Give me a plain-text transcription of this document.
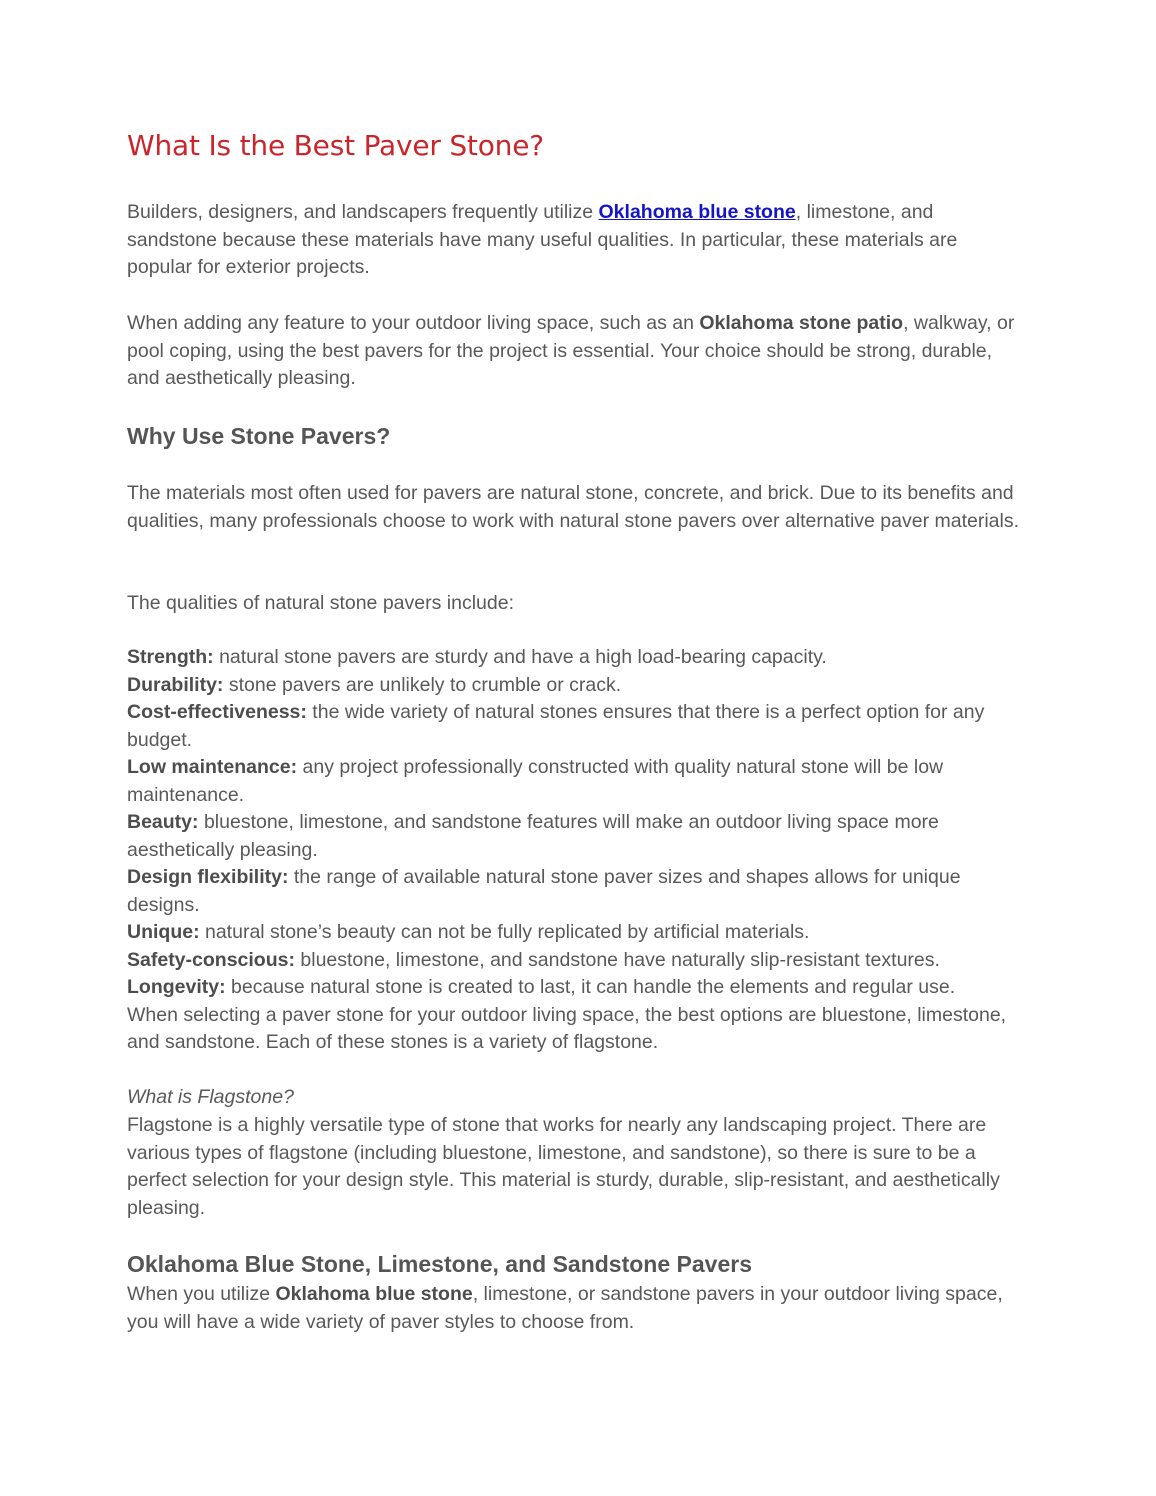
What Is the Best Paver Stone?

Builders, designers, and landscapers frequently utilize Oklahoma blue stone, limestone, and sandstone because these materials have many useful qualities. In particular, these materials are popular for exterior projects.

When adding any feature to your outdoor living space, such as an Oklahoma stone patio, walkway, or pool coping, using the best pavers for the project is essential. Your choice should be strong, durable, and aesthetically pleasing.

Why Use Stone Pavers?

The materials most often used for pavers are natural stone, concrete, and brick. Due to its benefits and qualities, many professionals choose to work with natural stone pavers over alternative paver materials.

The qualities of natural stone pavers include:

Strength: natural stone pavers are sturdy and have a high load-bearing capacity.
Durability: stone pavers are unlikely to crumble or crack.
Cost-effectiveness: the wide variety of natural stones ensures that there is a perfect option for any budget.
Low maintenance: any project professionally constructed with quality natural stone will be low maintenance.
Beauty: bluestone, limestone, and sandstone features will make an outdoor living space more aesthetically pleasing.
Design flexibility: the range of available natural stone paver sizes and shapes allows for unique designs.
Unique: natural stone’s beauty can not be fully replicated by artificial materials.
Safety-conscious: bluestone, limestone, and sandstone have naturally slip-resistant textures.
Longevity: because natural stone is created to last, it can handle the elements and regular use.
When selecting a paver stone for your outdoor living space, the best options are bluestone, limestone, and sandstone. Each of these stones is a variety of flagstone.

What is Flagstone?

Flagstone is a highly versatile type of stone that works for nearly any landscaping project. There are various types of flagstone (including bluestone, limestone, and sandstone), so there is sure to be a perfect selection for your design style. This material is sturdy, durable, slip-resistant, and aesthetically pleasing.

Oklahoma Blue Stone, Limestone, and Sandstone Pavers

When you utilize Oklahoma blue stone, limestone, or sandstone pavers in your outdoor living space, you will have a wide variety of paver styles to choose from.
